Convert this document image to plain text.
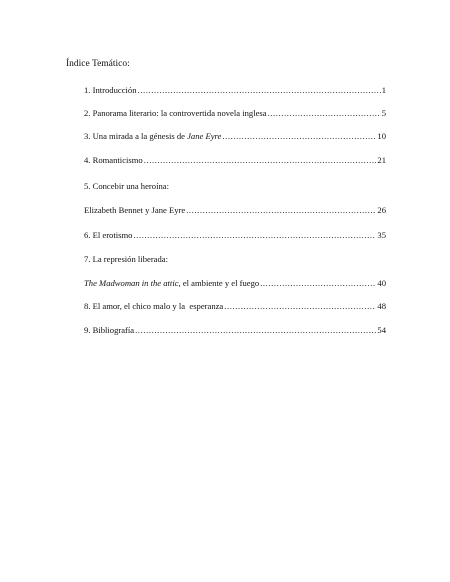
Índice Temático:
1. Introducción .....	1
2. Panorama literario: la controvertida novela inglesa .....	5
3. Una mirada a la génesis de Jane Eyre .....	10
4. Romanticismo .....	21
5. Concebir una heroína:
Elizabeth Bennet y Jane Eyre .....	26
6. El erotismo .....	35
7. La represión liberada:
The Madwoman in the attic, el ambiente y el fuego .....	40
8. El amor, el chico malo y la  esperanza .....	48
9. Bibliografía .....	54
